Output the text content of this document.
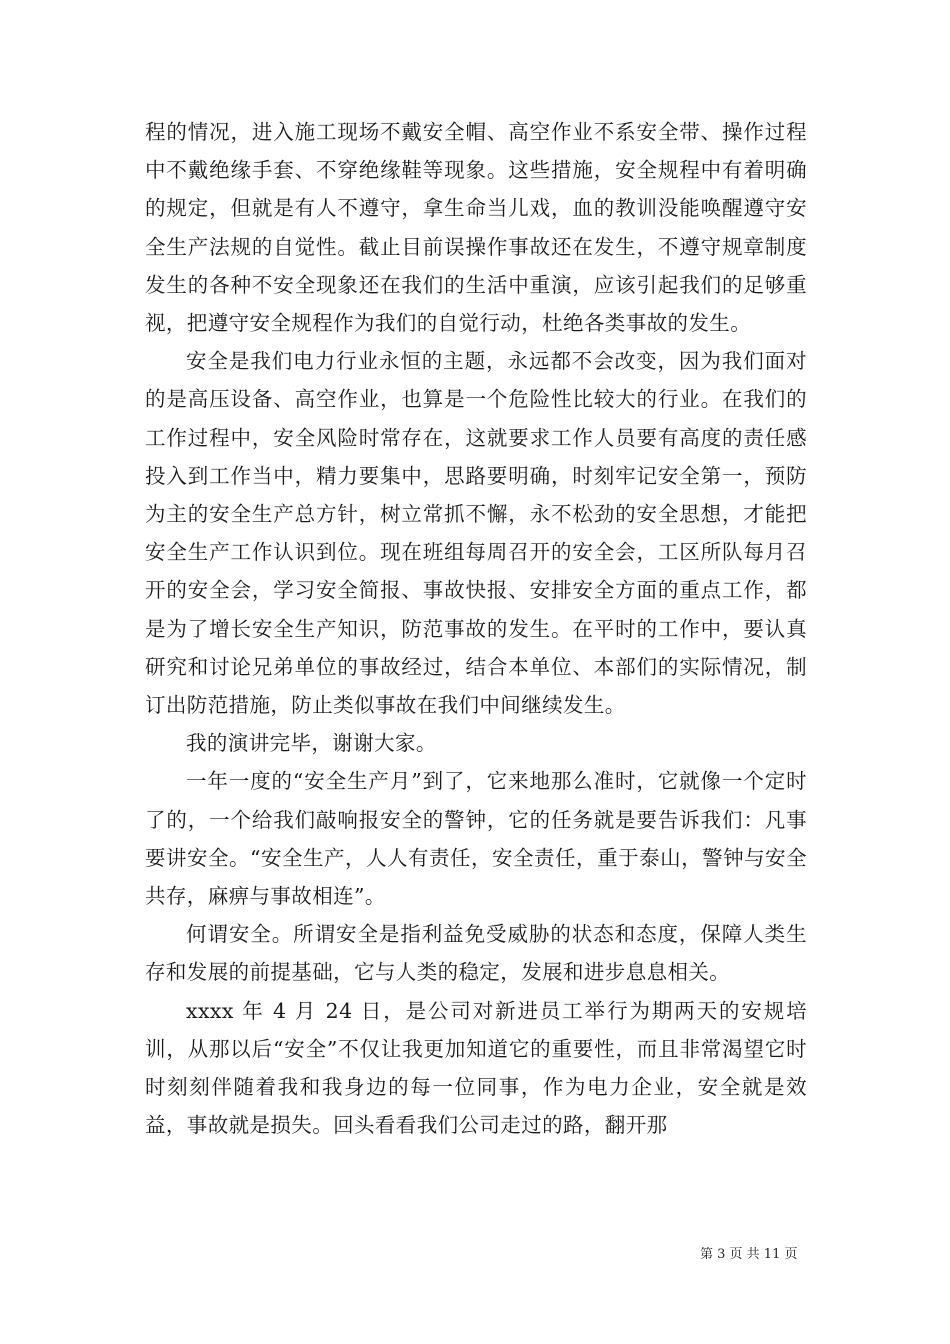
程的情况，进入施工现场不戴安全帽、高空作业不系安全带、操作过程中不戴绝缘手套、不穿绝缘鞋等现象。这些措施，安全规程中有着明确的规定，但就是有人不遵守，拿生命当儿戏，血的教训没能唤醒遵守安全生产法规的自觉性。截止目前误操作事故还在发生，不遵守规章制度发生的各种不安全现象还在我们的生活中重演，应该引起我们的足够重视，把遵守安全规程作为我们的自觉行动，杜绝各类事故的发生。

安全是我们电力行业永恒的主题，永远都不会改变，因为我们面对的是高压设备、高空作业，也算是一个危险性比较大的行业。在我们的工作过程中，安全风险时常存在，这就要求工作人员要有高度的责任感投入到工作当中，精力要集中，思路要明确，时刻牢记安全第一，预防为主的安全生产总方针，树立常抓不懈，永不松劲的安全思想，才能把安全生产工作认识到位。现在班组每周召开的安全会，工区所队每月召开的安全会，学习安全简报、事故快报、安排安全方面的重点工作，都是为了增长安全生产知识，防范事故的发生。在平时的工作中，要认真研究和讨论兄弟单位的事故经过，结合本单位、本部们的实际情况，制订出防范措施，防止类似事故在我们中间继续发生。

我的演讲完毕，谢谢大家。

一年一度的“安全生产月”到了，它来地那么准时，它就像一个定时了的，一个给我们敲响报安全的警钟，它的任务就是要告诉我们：凡事要讲安全。“安全生产，人人有责任，安全责任，重于泰山，警钟与安全共存，麻痹与事故相连”。

何谓安全。所谓安全是指利益免受威胁的状态和态度，保障人类生存和发展的前提基础，它与人类的稳定，发展和进步息息相关。

xxxx 年 4 月 24 日，是公司对新进员工举行为期两天的安规培训，从那以后“安全”不仅让我更加知道它的重要性，而且非常渴望它时时刻刻伴随着我和我身边的每一位同事，作为电力企业，安全就是效益，事故就是损失。回头看看我们公司走过的路，翻开那

第 3 页 共 11 页
